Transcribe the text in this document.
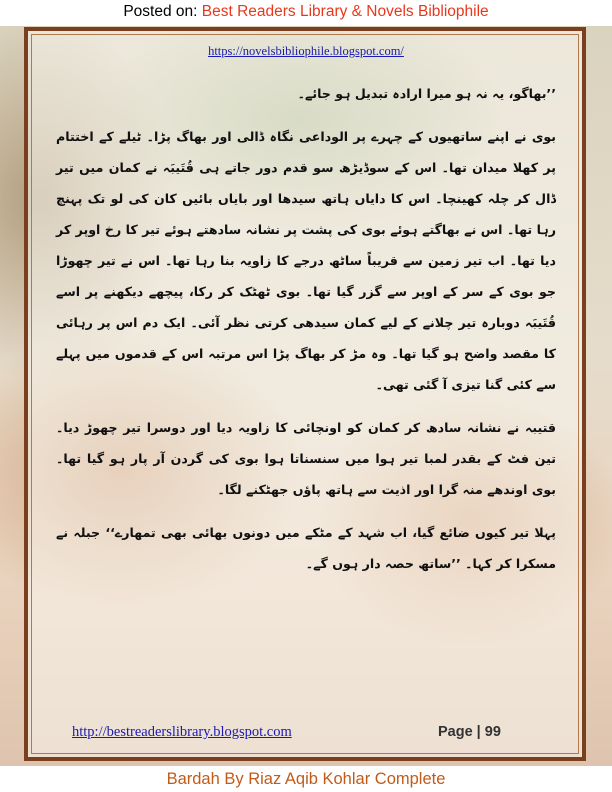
Posted on: Best Readers Library & Novels Bibliophile
https://novelsbibliophile.blogspot.com/

’’بھاگو، یہ نہ ہو میرا ارادہ تبدیل ہو جائے۔

بوی نے اپنے ساتھیوں کے چہرے پر الوداعی نگاہ ڈالی اور بھاگ پڑا۔ ٹیلے کے اختتام پر کھلا میدان تھا۔ اس کے سوڈیڑھ سو قدم دور جاتے ہی قُتَیبَہ نے کمان میں تیر ڈال کر چلہ کھینچا۔ اس کا دایاں ہاتھ سیدھا اور بایاں بائیں کان کی لو تک پہنچ رہا تھا۔ اس نے بھاگتے ہوئے بوی کی پشت پر نشانہ سادھتے ہوئے تیر کا رخ اوپر کر دیا تھا۔ اب تیر زمین سے قریباً ساٹھ درجے کا زاویہ بنا رہا تھا۔ اس نے تیر چھوڑا جو بوی کے سر کے اوپر سے گزر گیا تھا۔ بوی ٹھٹک کر رکا، پیچھے دیکھنے پر اسے قُتَیبَہ دوبارہ تیر چلانے کے لیے کمان سیدھی کرتی نظر آئی۔ ایک دم اس پر رہائی کا مقصد واضح ہو گیا تھا۔ وہ مڑ کر بھاگ پڑا اس مرتبہ اس کے قدموں میں پہلے سے کئی گنا تیزی آ گئی تھی۔

قتیبہ نے نشانہ سادھ کر کمان کو اونچائی کا زاویہ دیا اور دوسرا تیر چھوڑ دیا۔ تین فٹ کے بقدر لمبا تیر ہوا میں سنسناتا ہوا بوی کی گردن آر پار ہو گیا تھا۔ بوی اوندھے منہ گرا اور اذیت سے ہاتھ پاؤں جھٹکنے لگا۔

پہلا تیر کیوں ضائع گیا، اب شہد کے مٹکے میں دونوں بھائی بھی تمھارے‘‘ جبلہ نے مسکرا کر کہا۔ ’’ساتھ حصہ دار ہوں گے۔

http://bestreaderslibrary.blogspot.com	Page | 99
Bardah By Riaz Aqib Kohlar Complete
